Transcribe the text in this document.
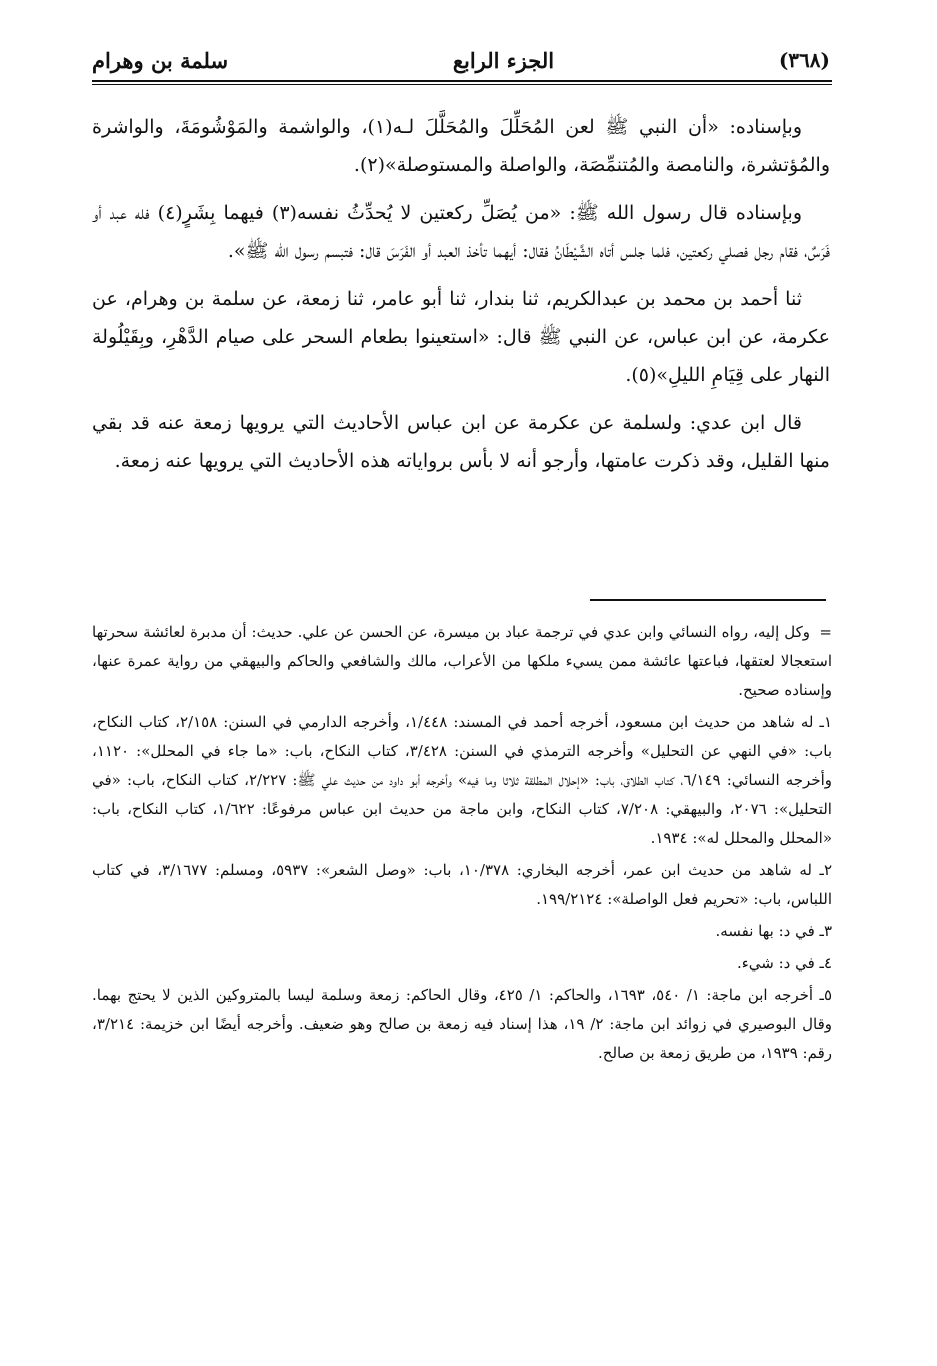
(٣٦٨)
الجزء الرابع
سلمة بن وهرام

وبإسناده: «أن النبي ﷺ لعن المُحَلِّلَ والمُحَلَّلَ لـه(١)، والواشمة والمَوْشُومَةَ، والواشرة والمُؤتشرة، والنامصة والمُتنمِّصَة، والواصلة والمستوصلة»(٢).

وبإسناده قال رسول الله ﷺ: «من يُصَلِّ ركعتين لا يُحدِّثُ نفسه(٣) فيهما بِشَرٍ(٤) فله عبد أو فَرَسٌ، فقام رجل فصلي ركعتين، فلما جلس أتاه الشَّيْطَانُ فقال: أيهما تأخذ العبد أو الفَرَسَ قال: فتبسم رسول الله ﷺ».

ثنا أحمد بن محمد بن عبدالكريم، ثنا بندار، ثنا أبو عامر، ثنا زمعة، عن سلمة بن وهرام، عن عكرمة، عن ابن عباس، عن النبي ﷺ قال: «استعينوا بطعام السحر على صيام الدَّهْرِ، وبِقَيْلُولة النهار على قِيَامِ الليلِ»(٥).

قال ابن عدي: ولسلمة عن عكرمة عن ابن عباس الأحاديث التي يرويها زمعة عنه قد بقي منها القليل، وقد ذكرت عامتها، وأرجو أنه لا بأس برواياته هذه الأحاديث التي يرويها عنه زمعة.

=وكل إليه، رواه النسائي وابن عدي في ترجمة عباد بن ميسرة، عن الحسن عن علي. حديث: أن مدبرة لعائشة سحرتها استعجالا لعتقها، فباعتها عائشة ممن يسيء ملكها من الأعراب، مالك والشافعي والحاكم والبيهقي من رواية عمرة عنها، وإسناده صحيح.

١ـ له شاهد من حديث ابن مسعود، أخرجه أحمد في المسند: ١/٤٤٨، وأخرجه الدارمي في السنن: ٢/١٥٨، كتاب النكاح، باب: «في النهي عن التحليل» وأخرجه الترمذي في السنن: ٣/٤٢٨، كتاب النكاح، باب: «ما جاء في المحلل»: ١١٢٠، وأخرجه النسائي: ٦/١٤٩، كتاب الطلاق، باب: «إحلال المطلقة ثلاثا وما فيه» وأخرجه أبو داود من حديث علي ﷺ: ٢/٢٢٧، كتاب النكاح، باب: «في التحليل»: ٢٠٧٦، والبيهقي: ٧/٢٠٨، كتاب النكاح، وابن ماجة من حديث ابن عباس مرفوعًا: ١/٦٢٢، كتاب النكاح، باب: «المحلل والمحلل له»: ١٩٣٤.

٢ـ له شاهد من حديث ابن عمر، أخرجه البخاري: ١٠/٣٧٨، باب: «وصل الشعر»: ٥٩٣٧، ومسلم: ٣/١٦٧٧، في كتاب اللباس، باب: «تحريم فعل الواصلة»: ١٩٩/٢١٢٤.

٣ـ في د: بها نفسه.

٤ـ في د: شيء.

٥ـ أخرجه ابن ماجة: ١/ ٥٤٠، ١٦٩٣، والحاكم: ١/ ٤٢٥، وقال الحاكم: زمعة وسلمة ليسا بالمتروكين الذين لا يحتج بهما. وقال البوصيري في زوائد ابن ماجة: ٢/ ١٩، هذا إسناد فيه زمعة بن صالح وهو ضعيف. وأخرجه أيضًا ابن خزيمة: ٣/٢١٤، رقم: ١٩٣٩، من طريق زمعة بن صالح.
